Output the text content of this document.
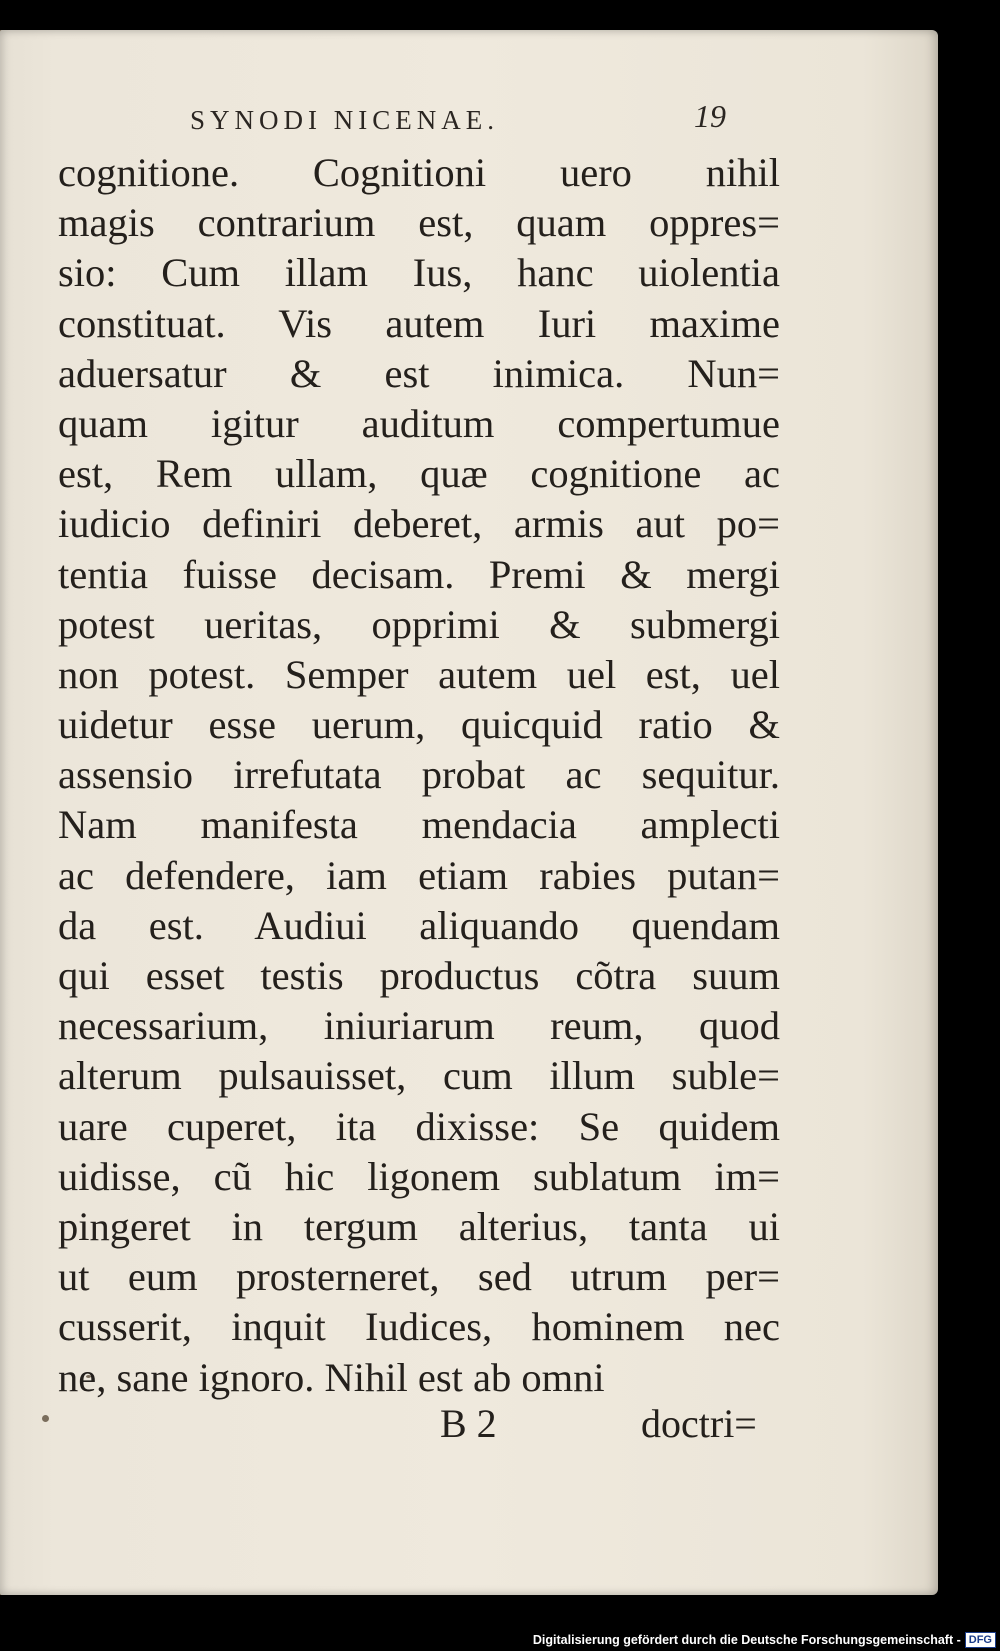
SYNODI NICENAE.	19
cognitione. Cognitioni uero nihil
magis contrarium est, quam oppres=
sio: Cum illam Ius, hanc uiolentia
constituat. Vis autem Iuri maxime
aduersatur & est inimica. Nun=
quam igitur auditum compertumue
est, Rem ullam, quæ cognitione ac
iudicio definiri deberet, armis aut po=
tentia fuisse decisam. Premi & mergi
potest ueritas, opprimi & submergi
non potest. Semper autem uel est, uel
uidetur esse uerum, quicquid ratio &
assensio irrefutata probat ac sequitur.
Nam manifesta mendacia amplecti
ac defendere, iam etiam rabies putan=
da est. Audiui aliquando quendam
qui esset testis productus cõtra suum
necessarium, iniuriarum reum, quod
alterum pulsauisset, cum illum suble=
uare cuperet, ita dixisse: Se quidem
uidisse, cũ hic ligonem sublatum im=
pingeret in tergum alterius, tanta ui
ut eum prosterneret, sed utrum per=
cusserit, inquit Iudices, hominem nec
ne, sane ignoro. Nihil est ab omni
B 2	doctri=
Digitalisierung gefördert durch die Deutsche Forschungsgemeinschaft - DFG
